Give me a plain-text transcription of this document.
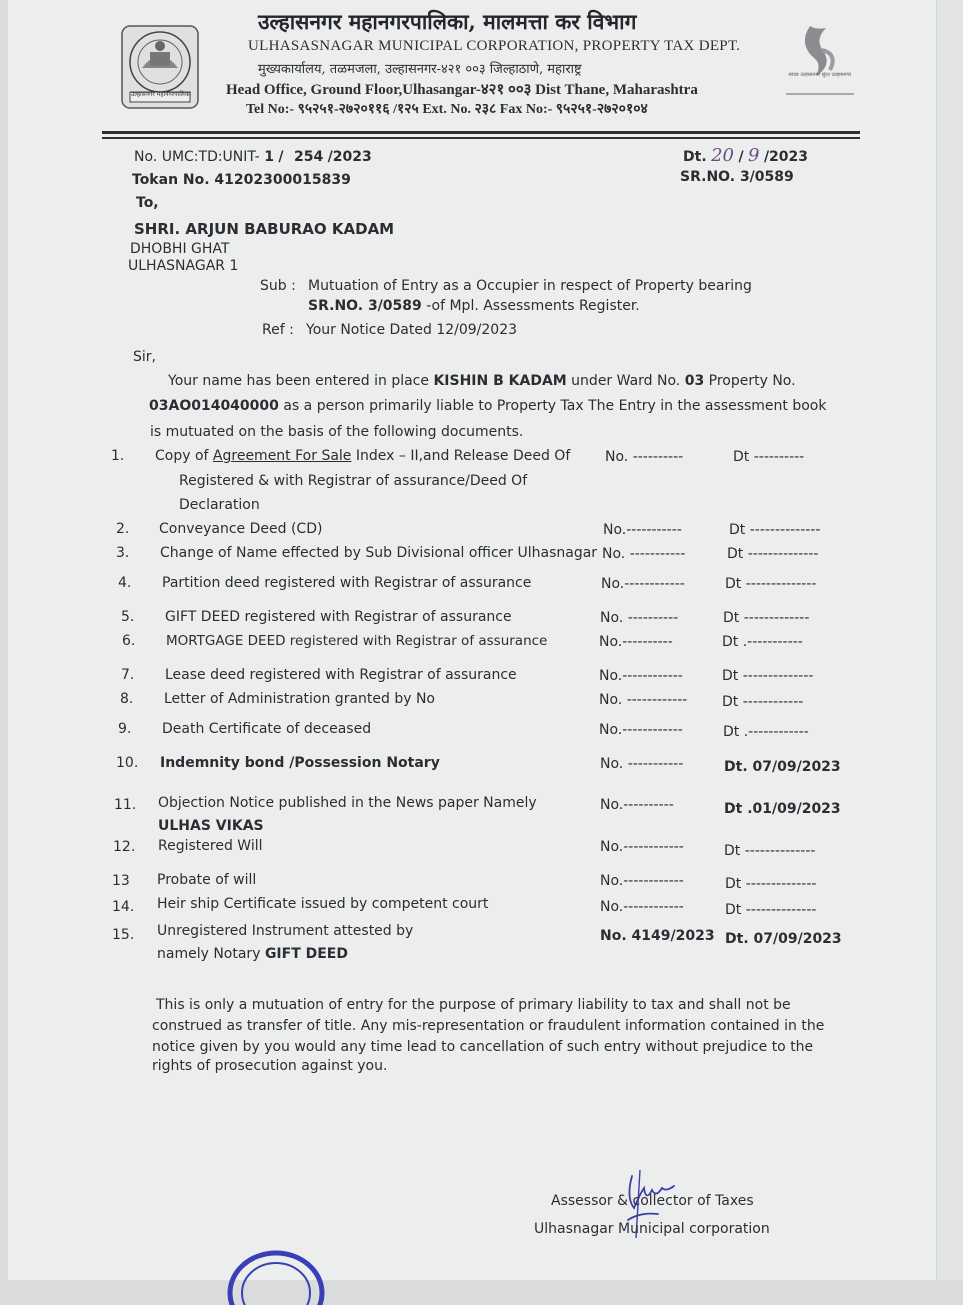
उल्हासनगर महानगरपालिका
स्वच्छ उल्हासनगर सुंदर उल्हासनगर
उल्हासनगर महानगरपालिका, मालमत्ता कर विभाग
ULHASASNAGAR MUNICIPAL CORPORATION, PROPERTY TAX DEPT.
मुख्यकार्यालय, तळमजला, उल्हासनगर-४२१ ००३ जिल्हाठाणे, महाराष्ट्र
Head Office, Ground Floor,Ulhasangar-४२१ ००३ Dist Thane, Maharashtra
Tel No:- ९५२५१-२७२०११६ /१२५ Ext. No. २३८ Fax No:- ९५२५१-२७२०१०४
No. UMC:TD:UNIT- 1 / 254 /2023	Dt. 20 / 9 /2023
Tokan No. 41202300015839	SR.NO. 3/0589
To,
SHRI. ARJUN BABURAO KADAM
DHOBHI GHAT
ULHASNAGAR 1
Sub : Mutuation of Entry as a Occupier in respect of Property bearing
SR.NO. 3/0589 -of Mpl. Assessments Register.
Ref : Your Notice Dated 12/09/2023
Sir,
Your name has been entered in place KISHIN B KADAM under Ward No. 03 Property No.
03AO014040000 as a person primarily liable to Property Tax The Entry in the assessment book
is mutuated on the basis of the following documents.
1. Copy of Agreement For Sale Index – II,and Release Deed Of
Registered & with Registrar of assurance/Deed Of
Declaration
No. ----------	Dt ----------
2. Conveyance Deed (CD)	No.-----------	Dt --------------
3. Change of Name effected by Sub Divisional officer Ulhasnagar No. -----------	Dt --------------
4. Partition deed registered with Registrar of assurance	No.------------	Dt --------------
5. GIFT DEED registered with Registrar of assurance	No. ----------	Dt -------------
6. MORTGAGE DEED registered with Registrar of assurance	No.----------	Dt .-----------
7. Lease deed registered with Registrar of assurance	No.------------	Dt --------------
8. Letter of Administration granted by No	No. ------------ Dt ------------
9. Death Certificate of deceased	No.------------	Dt .------------
10. Indemnity bond /Possession Notary	No. -----------	Dt. 07/09/2023
11. Objection Notice published in the News paper Namely
ULHAS VIKAS
No.----------	Dt .01/09/2023
12. Registered Will	No.------------	Dt --------------
13 Probate of will	No.------------	Dt --------------
14. Heir ship Certificate issued by competent court	No.------------	Dt --------------
15. Unregistered Instrument attested by
namely Notary GIFT DEED
No. 4149/2023 Dt. 07/09/2023
This is only a mutuation of entry for the purpose of primary liability to tax and shall not be
construed as transfer of title. Any mis-representation or fraudulent information contained in the
notice given by you would any time lead to cancellation of such entry without prejudice to the
rights of prosecution against you.
Assessor & collector of Taxes
Ulhasnagar Municipal corporation
